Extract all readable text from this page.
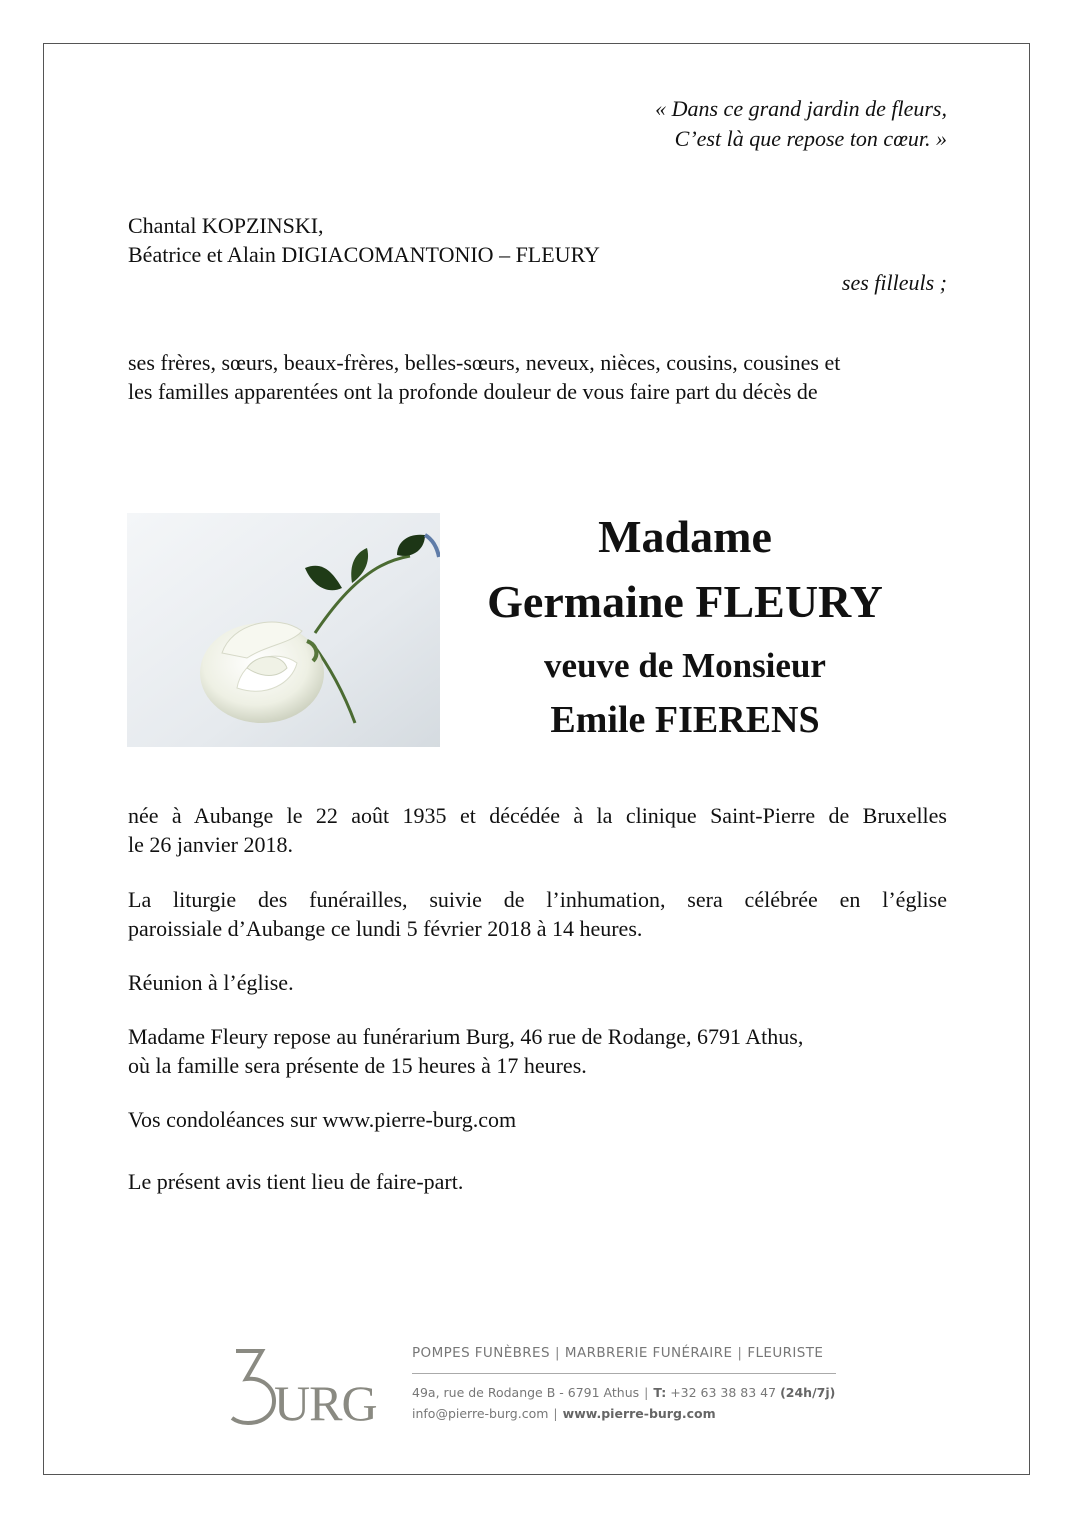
« Dans ce grand jardin de fleurs,
C’est là que repose ton cœur. »
Chantal KOPZINSKI,
Béatrice et Alain DIGIACOMANTONIO – FLEURY
ses filleuls ;
ses frères, sœurs, beaux-frères, belles-sœurs, neveux, nièces, cousins, cousines et
les familles apparentées ont la profonde douleur de vous faire part du décès de
Madame
Germaine FLEURY
veuve de Monsieur
Emile FIERENS
née à Aubange le 22 août 1935 et décédée à la clinique Saint-Pierre de Bruxelles
le 26 janvier 2018.
La liturgie des funérailles, suivie de l’inhumation, sera célébrée en l’église
paroissiale d’Aubange ce lundi 5 février 2018 à 14 heures.
Réunion à l’église.
Madame Fleury repose au funérarium Burg, 46 rue de Rodange, 6791 Athus,
où la famille sera présente de 15 heures à 17 heures.
Vos condoléances sur www.pierre-burg.com
Le présent avis tient lieu de faire-part.
URG
POMPES FUNÈBRES | MARBRERIE FUNÉRAIRE | FLEURISTE
49a, rue de Rodange B - 6791 Athus | T: +32 63 38 83 47 (24h/7j)
info@pierre-burg.com | www.pierre-burg.com
